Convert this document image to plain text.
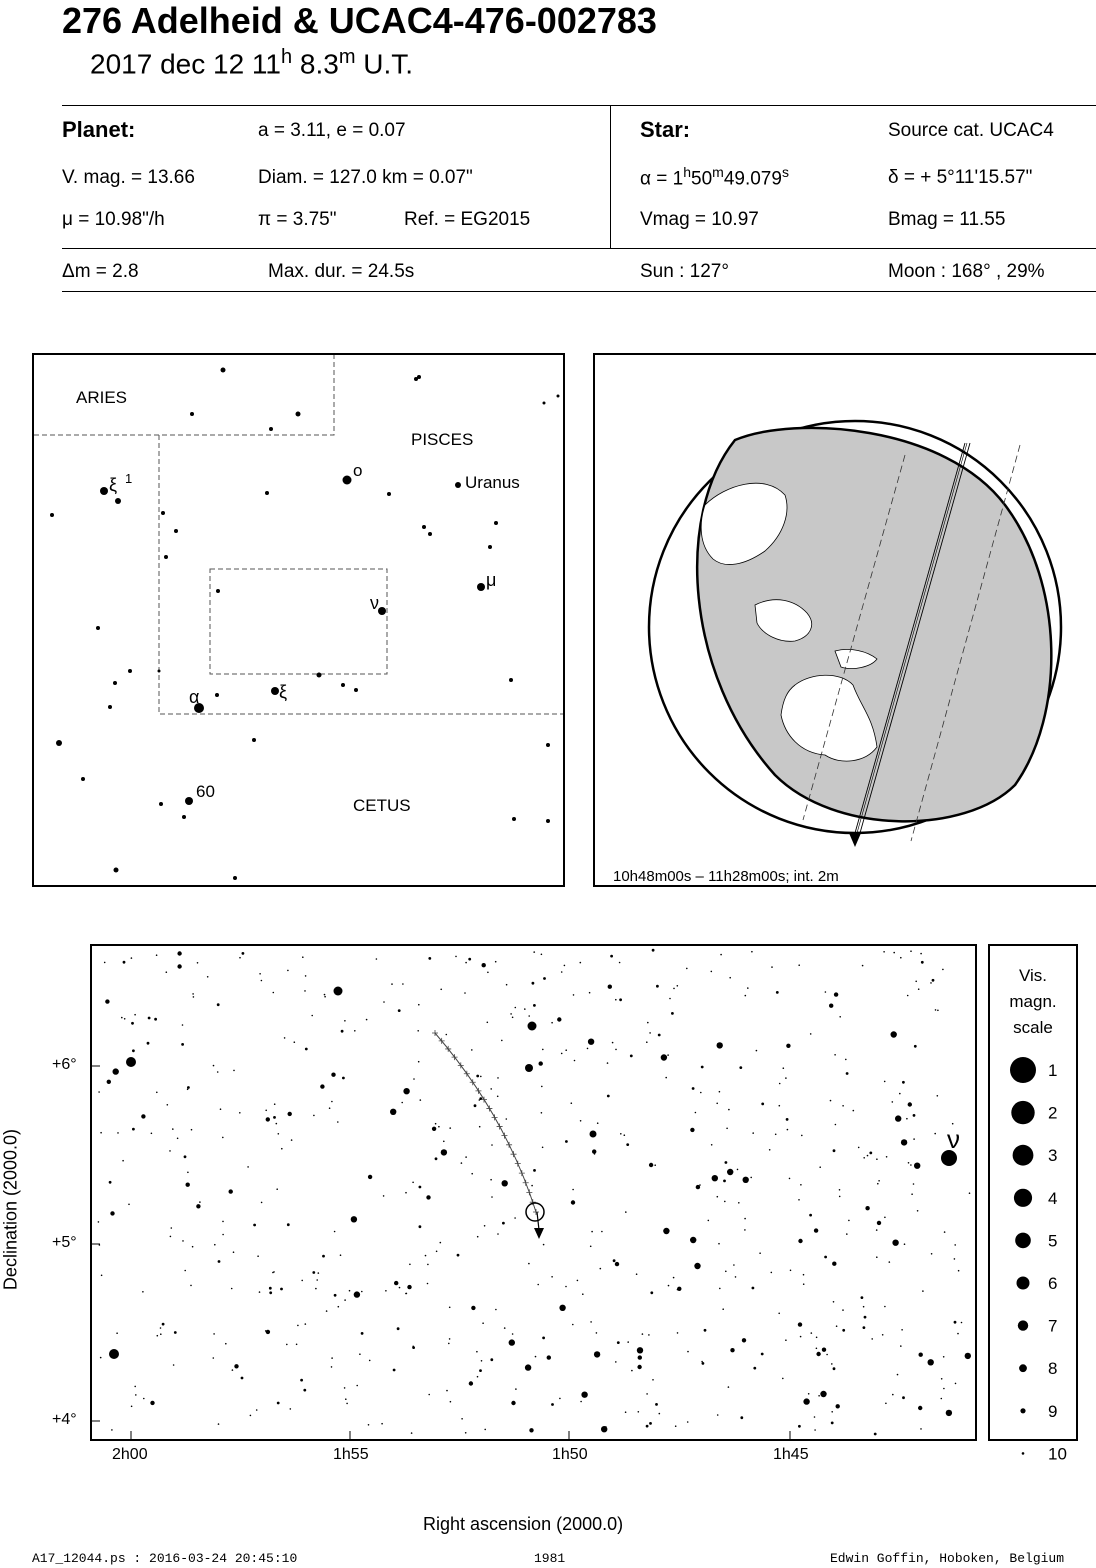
276 Adelheid & UCAC4-476-002783
2017 dec 12 11$^h$ 8.3$^m$ U.T.
Planet:	a = 3.11, e = 0.07
V. mag. = 13.66	Diam. = 127.0 km = 0.07"
μ = 10.98"/h	π = 3.75"	Ref. = EG2015
Star:	Source cat. UCAC4
$\alpha = 1^h50^m49.079^s$	δ = + 5°11'15.57"
Vmag = 10.97	Bmag = 11.55
Δm = 2.8	Max. dur. = 24.5s	Sun : 127°	Moon : 168° , 29%
ARIES
PISCES
CETUS
Uranus
ξ 1	o
μ
ν
α	ξ
60
10h48m00s – 11h28m00s; int. 2m
ν
+6°
+5°
+4°
2h00	1h55	1h50	1h45
Right ascension (2000.0)
Declination (2000.0)
Vis.
magn.
scale
1
2
3
4
5
6
7
8
9
10
A17_12044.ps : 2016-03-24 20:45:10	1981	Edwin Goffin, Hoboken, Belgium
